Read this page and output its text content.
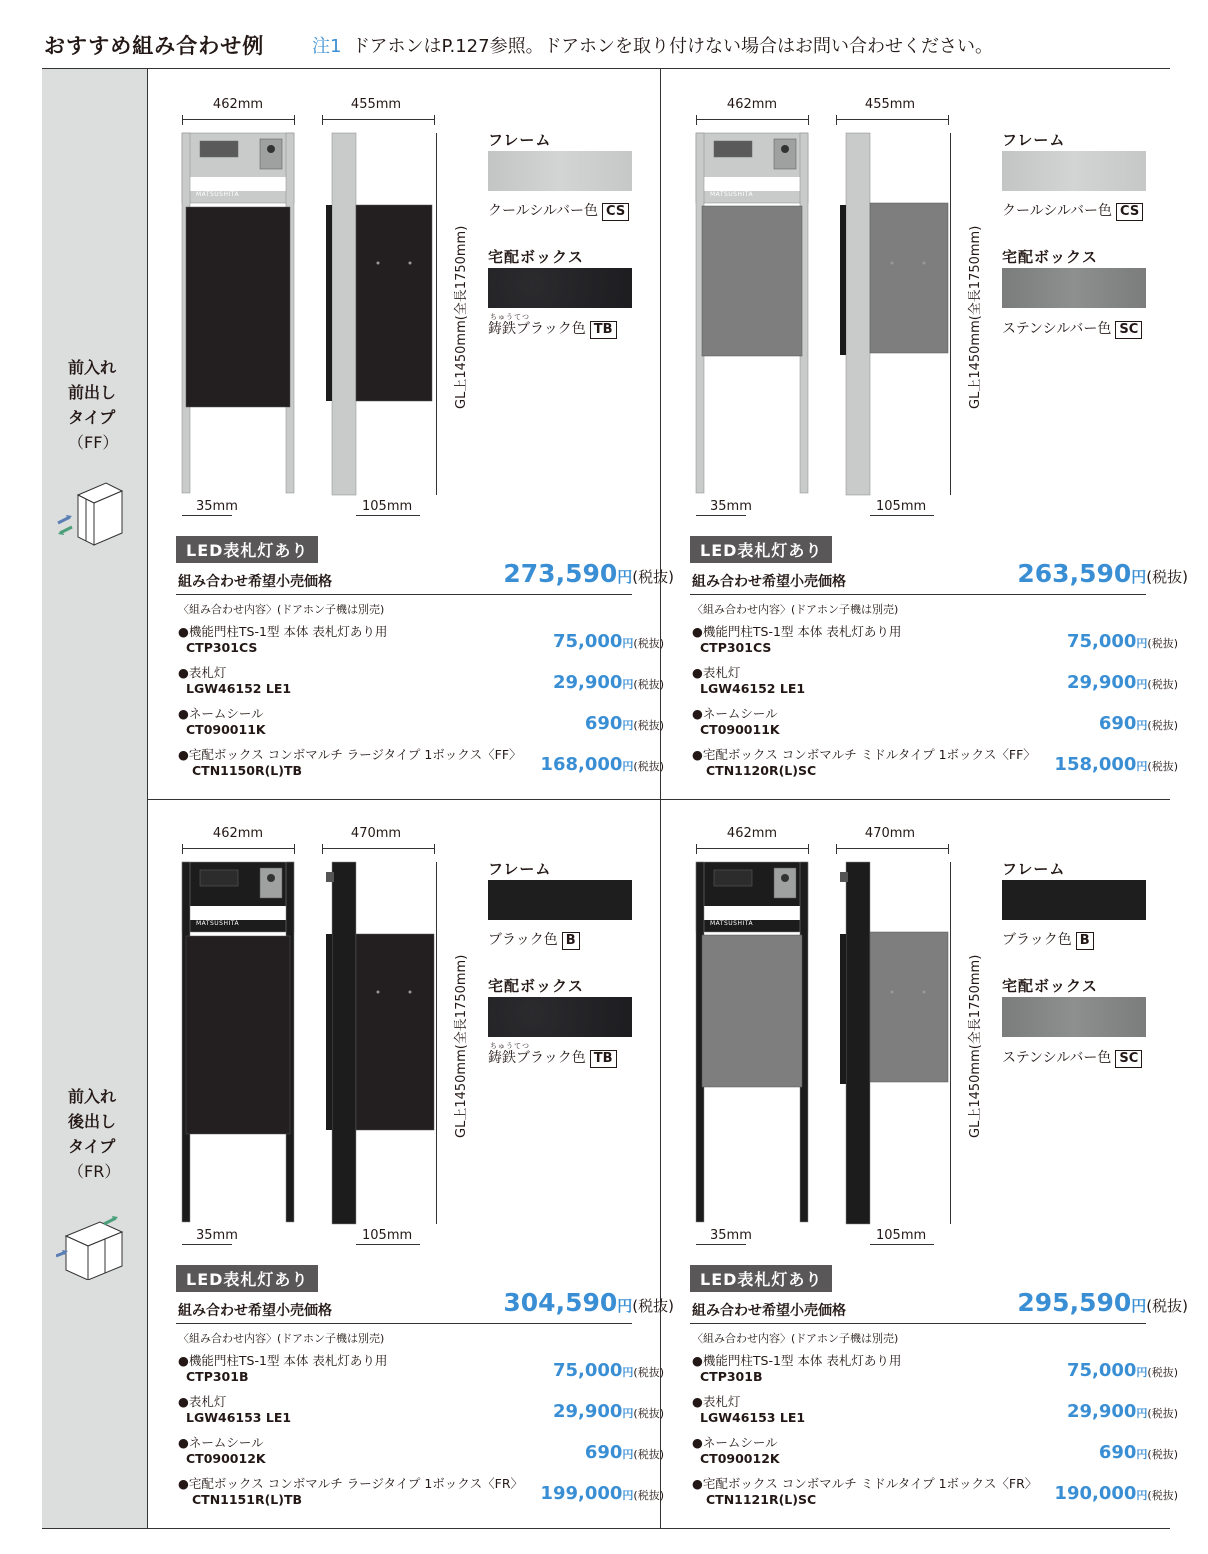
おすすめ組み合わせ例	注1 ドアホンはP.127参照。ドアホンを取り付けない場合はお問い合わせください。
前入れ
前出し
タイプ
（FF）
MATSUSHITA
462mm	455mm
GL上1450mm(全長1750mm)
35mm	105mm
フレーム
クールシルバー色 CS
宅配ボックス
ちゅうてつ
鋳鉄ブラック色 TB
LED表札灯あり
組み合わせ希望小売価格	273,590円(税抜)
〈組み合わせ内容〉(ドアホン子機は別売)
●機能門柱TS-1型 本体 表札灯あり用
CTP301CS	75,000円(税抜)
●表札灯
LGW46152 LE1	29,900円(税抜)
●ネームシール
CT090011K	690円(税抜)
●宅配ボックス コンボマルチ ラージタイプ 1ボックス〈FF〉
CTN1150R(L)TB	168,000円(税抜)
MATSUSHITA
462mm	455mm
GL上1450mm(全長1750mm)
35mm	105mm
フレーム
クールシルバー色 CS
宅配ボックス
ステンシルバー色 SC
LED表札灯あり
組み合わせ希望小売価格	263,590円(税抜)
〈組み合わせ内容〉(ドアホン子機は別売)
●機能門柱TS-1型 本体 表札灯あり用
CTP301CS	75,000円(税抜)
●表札灯
LGW46152 LE1	29,900円(税抜)
●ネームシール
CT090011K	690円(税抜)
●宅配ボックス コンボマルチ ミドルタイプ 1ボックス〈FF〉
CTN1120R(L)SC	158,000円(税抜)
前入れ
後出し
タイプ
（FR）
MATSUSHITA
462mm	470mm
GL上1450mm(全長1750mm)
35mm	105mm
フレーム
ブラック色 B
宅配ボックス
ちゅうてつ
鋳鉄ブラック色 TB
LED表札灯あり
組み合わせ希望小売価格	304,590円(税抜)
〈組み合わせ内容〉(ドアホン子機は別売)
●機能門柱TS-1型 本体 表札灯あり用
CTP301B	75,000円(税抜)
●表札灯
LGW46153 LE1	29,900円(税抜)
●ネームシール
CT090012K	690円(税抜)
●宅配ボックス コンボマルチ ラージタイプ 1ボックス〈FR〉
CTN1151R(L)TB	199,000円(税抜)
MATSUSHITA
462mm	470mm
GL上1450mm(全長1750mm)
35mm	105mm
フレーム
ブラック色 B
宅配ボックス
ステンシルバー色 SC
LED表札灯あり
組み合わせ希望小売価格	295,590円(税抜)
〈組み合わせ内容〉(ドアホン子機は別売)
●機能門柱TS-1型 本体 表札灯あり用
CTP301B	75,000円(税抜)
●表札灯
LGW46153 LE1	29,900円(税抜)
●ネームシール
CT090012K	690円(税抜)
●宅配ボックス コンボマルチ ミドルタイプ 1ボックス〈FR〉
CTN1121R(L)SC	190,000円(税抜)
